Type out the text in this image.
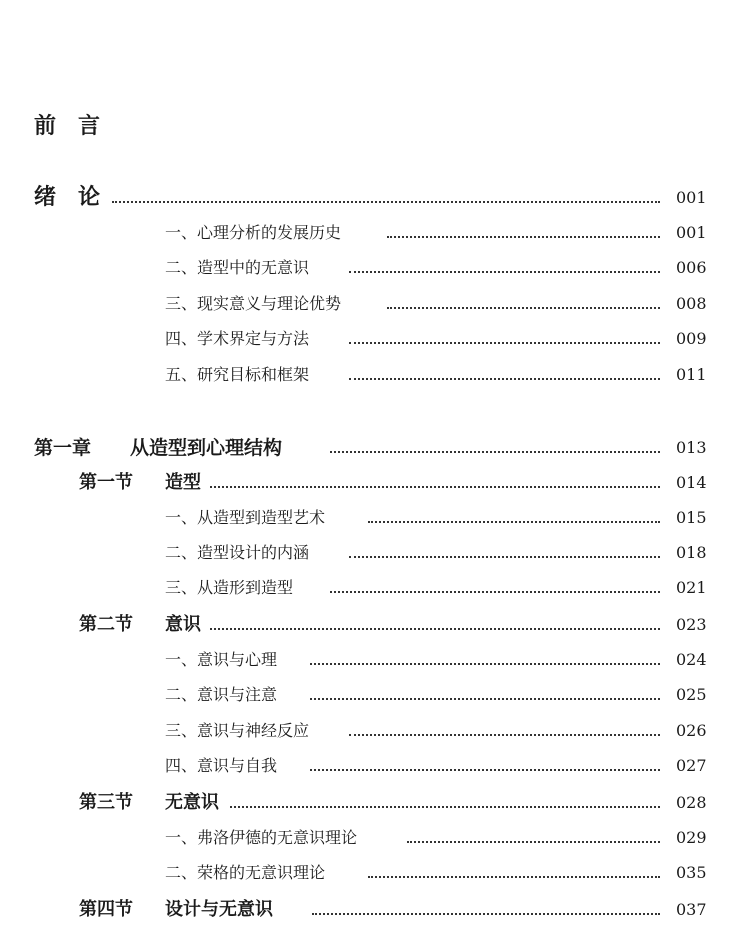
前　言
绪　论	001
一、心理分析的发展历史	001
二、造型中的无意识	006
三、现实意义与理论优势	008
四、学术界定与方法	009
五、研究目标和框架	011
第一章 从造型到心理结构	013
第一节 造型	014
一、从造型到造型艺术	015
二、造型设计的内涵	018
三、从造形到造型	021
第二节 意识	023
一、意识与心理	024
二、意识与注意	025
三、意识与神经反应	026
四、意识与自我	027
第三节 无意识	028
一、弗洛伊德的无意识理论	029
二、荣格的无意识理论	035
第四节 设计与无意识	037
